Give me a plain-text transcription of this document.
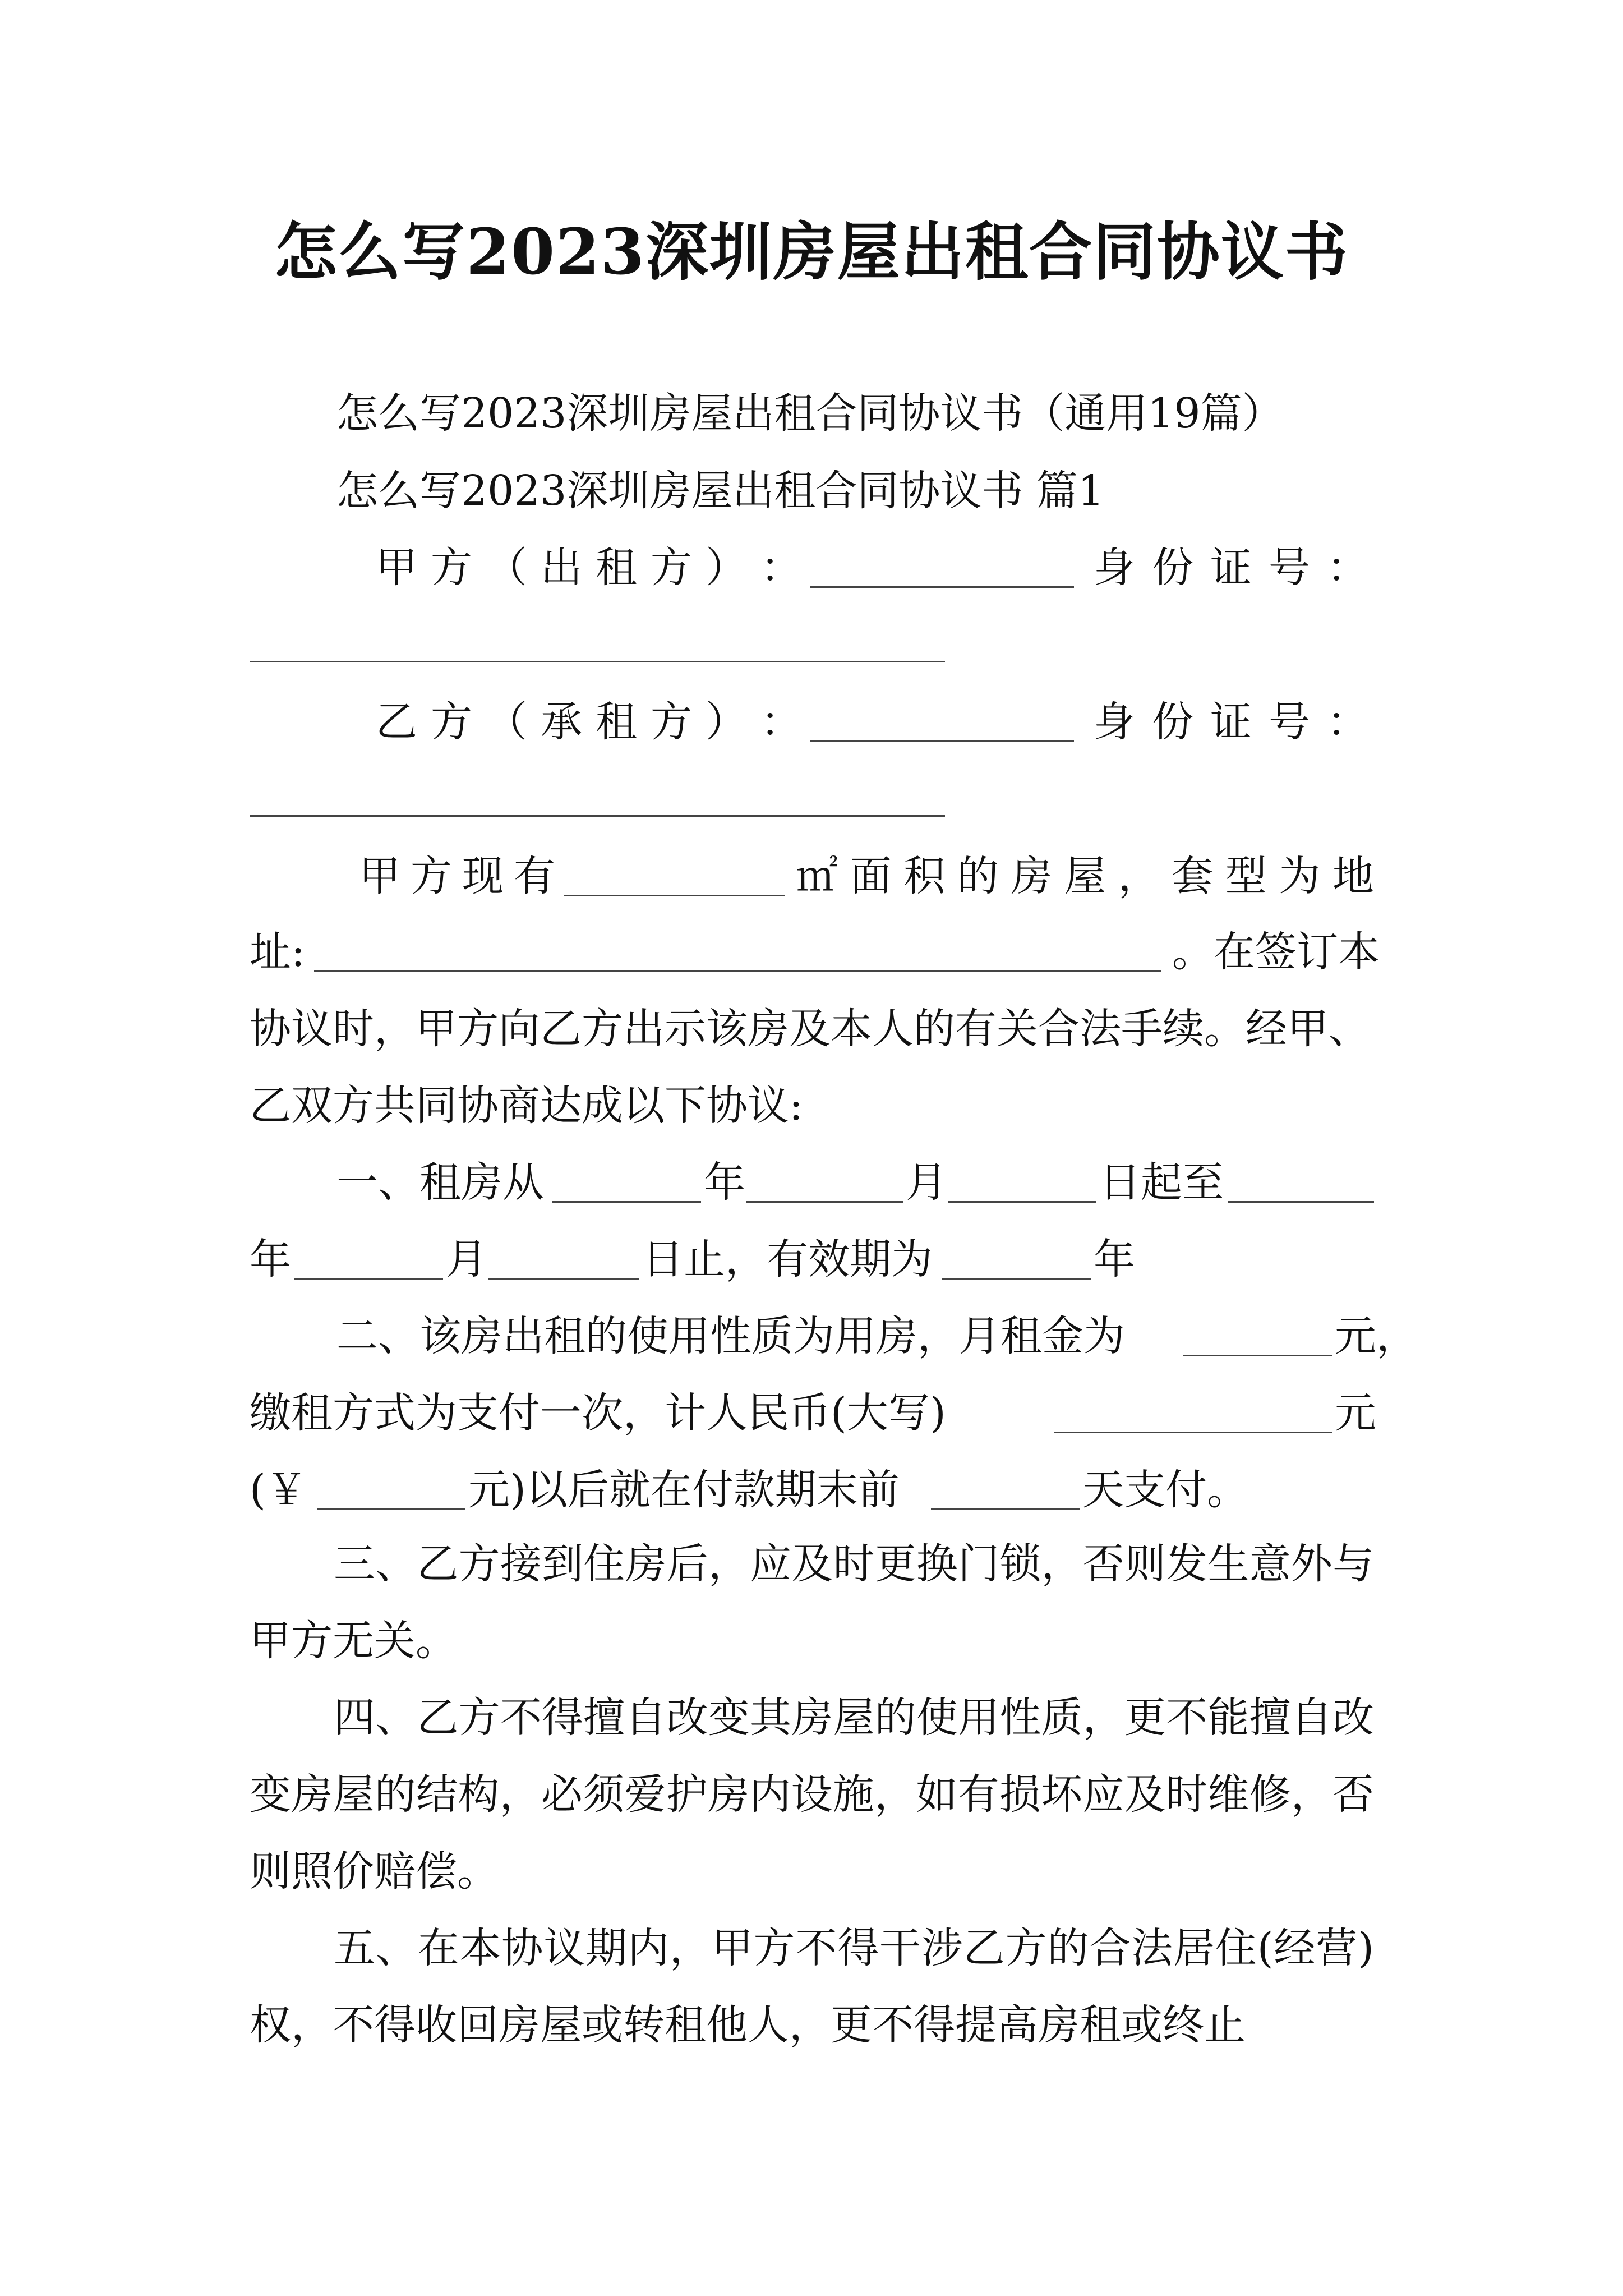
怎么写2023深圳房屋出租合同协议书
怎么写2023深圳房屋出租合同协议书（通用19篇）
怎么写2023深圳房屋出租合同协议书 篇1
甲 方 （ 出 租 方 ） ：	身 份 证 号 ：
乙 方 （ 承 租 方 ） ：	身 份 证 号 ：
甲 方 现 有	㎡ 面 积 的 房 屋 ， 套 型 为 地
址:	。在签订本
协议时，甲方向乙方出示该房及本人的有关合法手续。经甲、
乙双方共同协商达成以下协议:
一、租房从	年	月	日起至
年	月	日止，有效期为	年
二、该房出租的使用性质为用房，月租金为	元，
缴租方式为支付一次，计人民币(大写)	元
(￥	元)以后就在付款期末前	天支付。
三、乙方接到住房后，应及时更换门锁，否则发生意外与甲方无关。
四、乙方不得擅自改变其房屋的使用性质，更不能擅自改变房屋的结构，必须爱护房内设施，如有损坏应及时维修，否则照价赔偿。
五、在本协议期内，甲方不得干涉乙方的合法居住(经营)权，不得收回房屋或转租他人，更不得提高房租或终止
